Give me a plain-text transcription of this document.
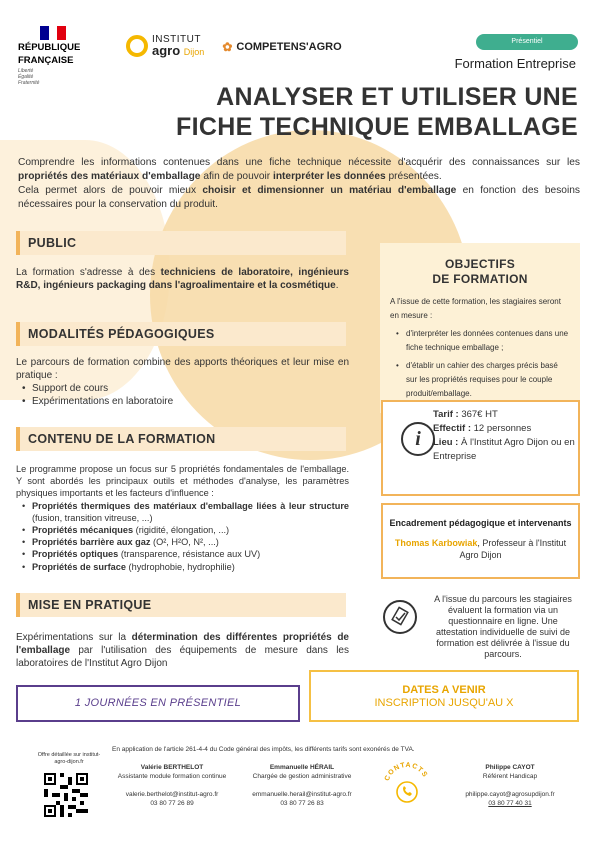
RÉPUBLIQUE
FRANÇAISE
Liberté
Égalité
Fraternité
INSTITUT
agro Dijon ✿ COMPETENS'AGRO	Présentiel
Formation Entreprise
ANALYSER ET UTILISER UNE
FICHE TECHNIQUE EMBALLAGE
Comprendre les informations contenues dans une fiche technique nécessite d'acquérir des connaissances sur les propriétés des matériaux d'emballage afin de pouvoir interpréter les données présentées.
Cela permet alors de pouvoir mieux choisir et dimensionner un matériau d'emballage en fonction des besoins nécessaires pour la conservation du produit.
PUBLIC
La formation s'adresse à des techniciens de laboratoire, ingénieurs R&D, ingénieurs packaging dans l'agroalimentaire et la cosmétique.
MODALITÉS PÉDAGOGIQUES
Le parcours de formation combine des apports théoriques et leur mise en pratique :
• Support de cours
• Expérimentations en laboratoire
CONTENU DE LA FORMATION
Le programme propose un focus sur 5 propriétés fondamentales de l'emballage. Y sont abordés les principaux outils et méthodes d'analyse, les paramètres physiques importants et les facteurs d'influence :
• Propriétés thermiques des matériaux d'emballage liées à leur structure (fusion, transition vitreuse, ...)
• Propriétés mécaniques (rigidité, élongation, ...)
• Propriétés barrière aux gaz (O², H²O, N², ...)
• Propriétés optiques (transparence, résistance aux UV)
• Propriétés de surface (hydrophobie, hydrophilie)
MISE EN PRATIQUE
Expérimentations sur la détermination des différentes propriétés de l'emballage par l'utilisation des équipements de mesure dans les laboratoires de l'Institut Agro Dijon
OBJECTIFS
DE FORMATION

A l'issue de cette formation, les stagiaires seront en mesure :

• d'interpréter les données contenues dans une fiche technique emballage ;
• d'établir un cahier des charges précis basé sur les propriétés requises pour le couple produit/emballage.
i
Tarif : 367€ HT
Effectif : 12 personnes
Lieu : À l'Institut Agro Dijon ou en Entreprise
Encadrement pédagogique et intervenants
Thomas Karbowiak, Professeur à l'Institut Agro Dijon
A l'issue du parcours les stagiaires évaluent la formation via un questionnaire en ligne. Une attestation individuelle de suivi de formation est délivrée à l'issue du parcours.
1 JOURNÉES EN PRÉSENTIEL
DATES A VENIR
INSCRIPTION JUSQU'AU X
En application de l'article 261-4-4 du Code général des impôts, les différents tarifs sont exonérés de TVA.
Offre détaillée sur institut-agro-dijon.fr
Valérie BERTHELOT
Assistante module formation continue
valerie.berthelot@institut-agro.fr
03 80 77 26 89
Emmanuelle HÉRAIL
Chargée de gestion administrative
emmanuelle.herail@institut-agro.fr
03 80 77 26 83
CONTACTS
Philippe CAYOT
Référent Handicap
philippe.cayot@agrosupdijon.fr
03 80 77 40 31
